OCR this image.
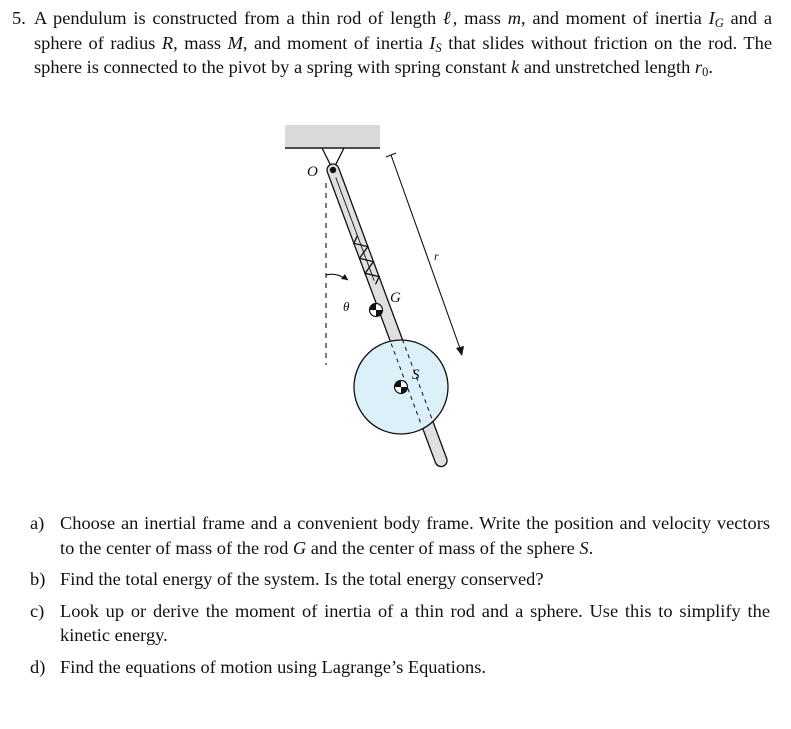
5. A pendulum is constructed from a thin rod of length ℓ, mass m, and moment of inertia $I_G$ and a sphere of radius R, mass M, and moment of inertia $I_S$ that slides without friction on the rod. The sphere is connected to the pivot by a spring with spring constant k and unstretched length $r_0$.
O
θ
G
S
r
a) Choose an inertial frame and a convenient body frame. Write the position and velocity vectors to the center of mass of the rod G and the center of mass of the sphere S.
b) Find the total energy of the system. Is the total energy conserved?
c) Look up or derive the moment of inertia of a thin rod and a sphere. Use this to simplify the kinetic energy.
d) Find the equations of motion using Lagrange’s Equations.
